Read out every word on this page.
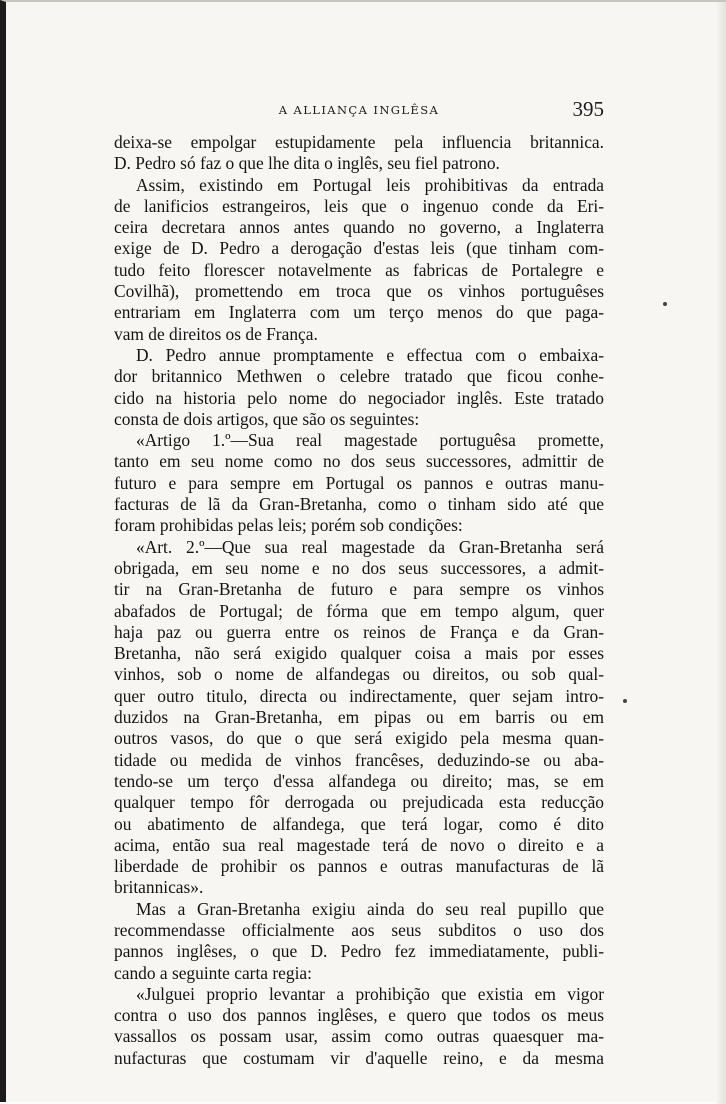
A ALLIANÇA INGLÊSA	395
deixa-se empolgar estupidamente pela influencia britannica.
D. Pedro só faz o que lhe dita o inglês, seu fiel patrono.
Assim, existindo em Portugal leis prohibitivas da entrada
de lanificios estrangeiros, leis que o ingenuo conde da Eri-
ceira decretara annos antes quando no governo, a Inglaterra
exige de D. Pedro a derogação d'estas leis (que tinham com-
tudo feito florescer notavelmente as fabricas de Portalegre e
Covilhã), promettendo em troca que os vinhos portuguêses
entrariam em Inglaterra com um terço menos do que paga-
vam de direitos os de França.
D. Pedro annue promptamente e effectua com o embaixa-
dor britannico Methwen o celebre tratado que ficou conhe-
cido na historia pelo nome do negociador inglês. Este tratado
consta de dois artigos, que são os seguintes:
«Artigo 1.º—Sua real magestade portuguêsa promette,
tanto em seu nome como no dos seus successores, admittir de
futuro e para sempre em Portugal os pannos e outras manu-
facturas de lã da Gran-Bretanha, como o tinham sido até que
foram prohibidas pelas leis; porém sob condições:
«Art. 2.º—Que sua real magestade da Gran-Bretanha será
obrigada, em seu nome e no dos seus successores, a admit-
tir na Gran-Bretanha de futuro e para sempre os vinhos
abafados de Portugal; de fórma que em tempo algum, quer
haja paz ou guerra entre os reinos de França e da Gran-
Bretanha, não será exigido qualquer coisa a mais por esses
vinhos, sob o nome de alfandegas ou direitos, ou sob qual-
quer outro titulo, directa ou indirectamente, quer sejam intro-
duzidos na Gran-Bretanha, em pipas ou em barris ou em
outros vasos, do que o que será exigido pela mesma quan-
tidade ou medida de vinhos francêses, deduzindo-se ou aba-
tendo-se um terço d'essa alfandega ou direito; mas, se em
qualquer tempo fôr derrogada ou prejudicada esta reducção
ou abatimento de alfandega, que terá logar, como é dito
acima, então sua real magestade terá de novo o direito e a
liberdade de prohibir os pannos e outras manufacturas de lã
britannicas».
Mas a Gran-Bretanha exigiu ainda do seu real pupillo que
recommendasse officialmente aos seus subditos o uso dos
pannos inglêses, o que D. Pedro fez immediatamente, publi-
cando a seguinte carta regia:
«Julguei proprio levantar a prohibição que existia em vigor
contra o uso dos pannos inglêses, e quero que todos os meus
vassallos os possam usar, assim como outras quaesquer ma-
nufacturas que costumam vir d'aquelle reino, e da mesma
